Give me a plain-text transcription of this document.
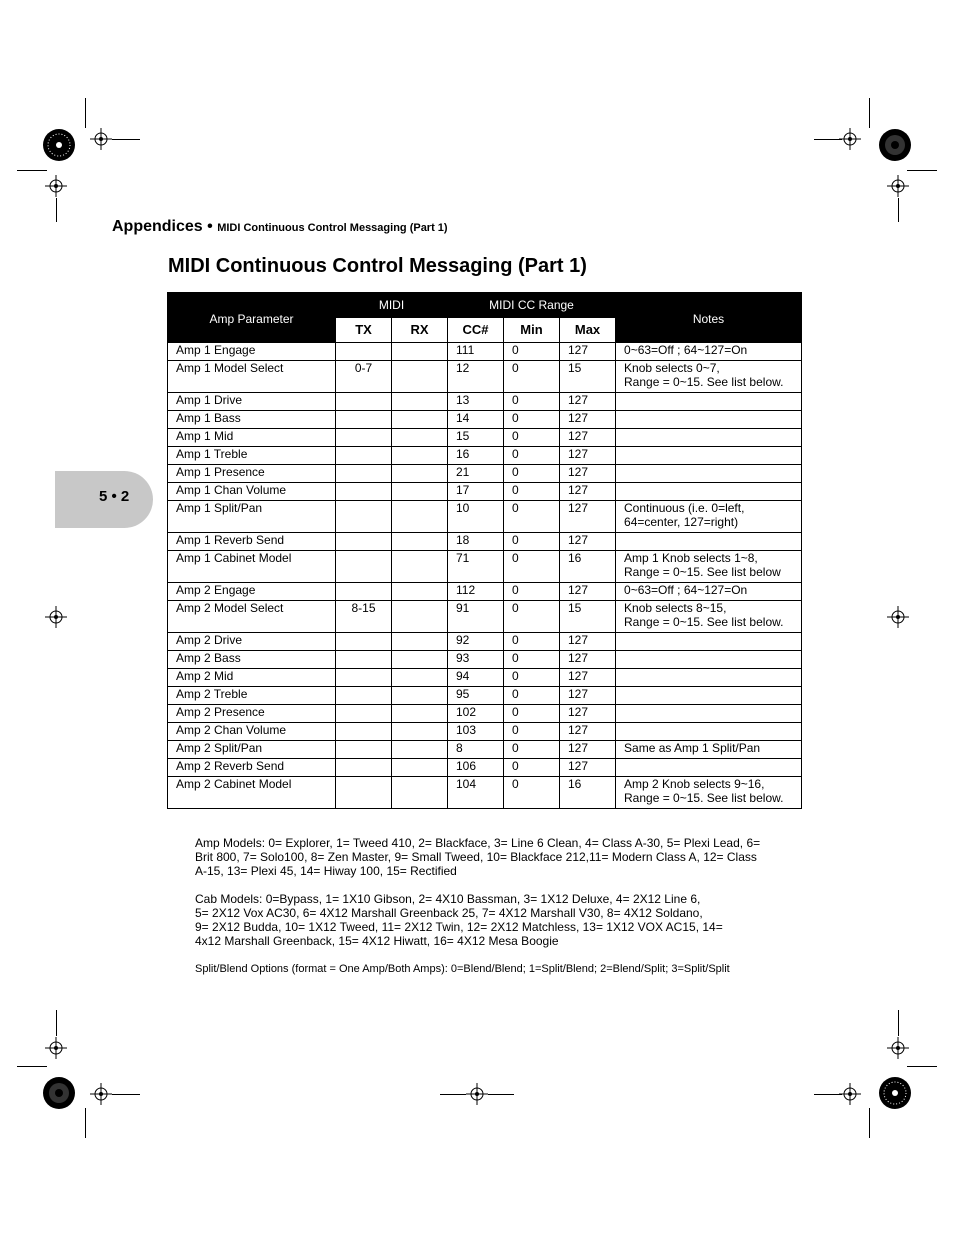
Appendices • MIDI Continuous Control Messaging (Part 1)
5 • 2
MIDI Continuous Control Messaging (Part 1)
Amp Parameter	MIDI		MIDI CC Range			Notes
	TX	RX	CC#	Min	Max	
Amp 1 Engage			111	0	127	0~63=Off ; 64~127=On

Amp 1 Model Select	0-7		12	0	15	Knob selects 0~7,
Range = 0~15. See list below.

Amp 1 Drive			13	0	127	

Amp 1 Bass			14	0	127	

Amp 1 Mid			15	0	127	

Amp 1 Treble			16	0	127	

Amp 1 Presence			21	0	127	

Amp 1 Chan Volume			17	0	127	

Amp 1 Split/Pan			10	0	127	Continuous (i.e. 0=left,
64=center, 127=right)

Amp 1 Reverb Send			18	0	127	

Amp 1 Cabinet Model			71	0	16	Amp 1 Knob selects 1~8,
Range = 0~15. See list below

Amp 2 Engage			112	0	127	0~63=Off ; 64~127=On

Amp 2 Model Select	8-15		91	0	15	Knob selects 8~15,
Range = 0~15. See list below.

Amp 2 Drive			92	0	127	

Amp 2 Bass			93	0	127	

Amp 2 Mid			94	0	127	

Amp 2 Treble			95	0	127	

Amp 2 Presence			102	0	127	

Amp 2 Chan Volume			103	0	127	

Amp 2 Split/Pan			8	0	127	Same as Amp 1 Split/Pan

Amp 2 Reverb Send			106	0	127	

Amp 2 Cabinet Model			104	0	16	Amp 2 Knob selects 9~16,
Range = 0~15. See list below.

Amp Models: 0= Explorer, 1= Tweed 410, 2= Blackface, 3= Line 6 Clean, 4= Class A-30, 5= Plexi Lead, 6=

Brit 800, 7= Solo100, 8= Zen Master, 9= Small Tweed, 10= Blackface 212,11= Modern Class A, 12= Class

A-15, 13= Plexi 45, 14= Hiway 100, 15= Rectified

Cab Models: 0=Bypass, 1= 1X10 Gibson, 2= 4X10 Bassman, 3= 1X12 Deluxe, 4= 2X12 Line 6,

5= 2X12 Vox AC30, 6= 4X12 Marshall Greenback 25, 7= 4X12 Marshall V30, 8= 4X12 Soldano,

9= 2X12 Budda, 10= 1X12 Tweed, 11= 2X12 Twin, 12= 2X12 Matchless, 13= 1X12 VOX AC15, 14=

4x12 Marshall Greenback, 15= 4X12 Hiwatt, 16= 4X12 Mesa Boogie

Split/Blend Options (format = One Amp/Both Amps): 0=Blend/Blend; 1=Split/Blend; 2=Blend/Split; 3=Split/Split
